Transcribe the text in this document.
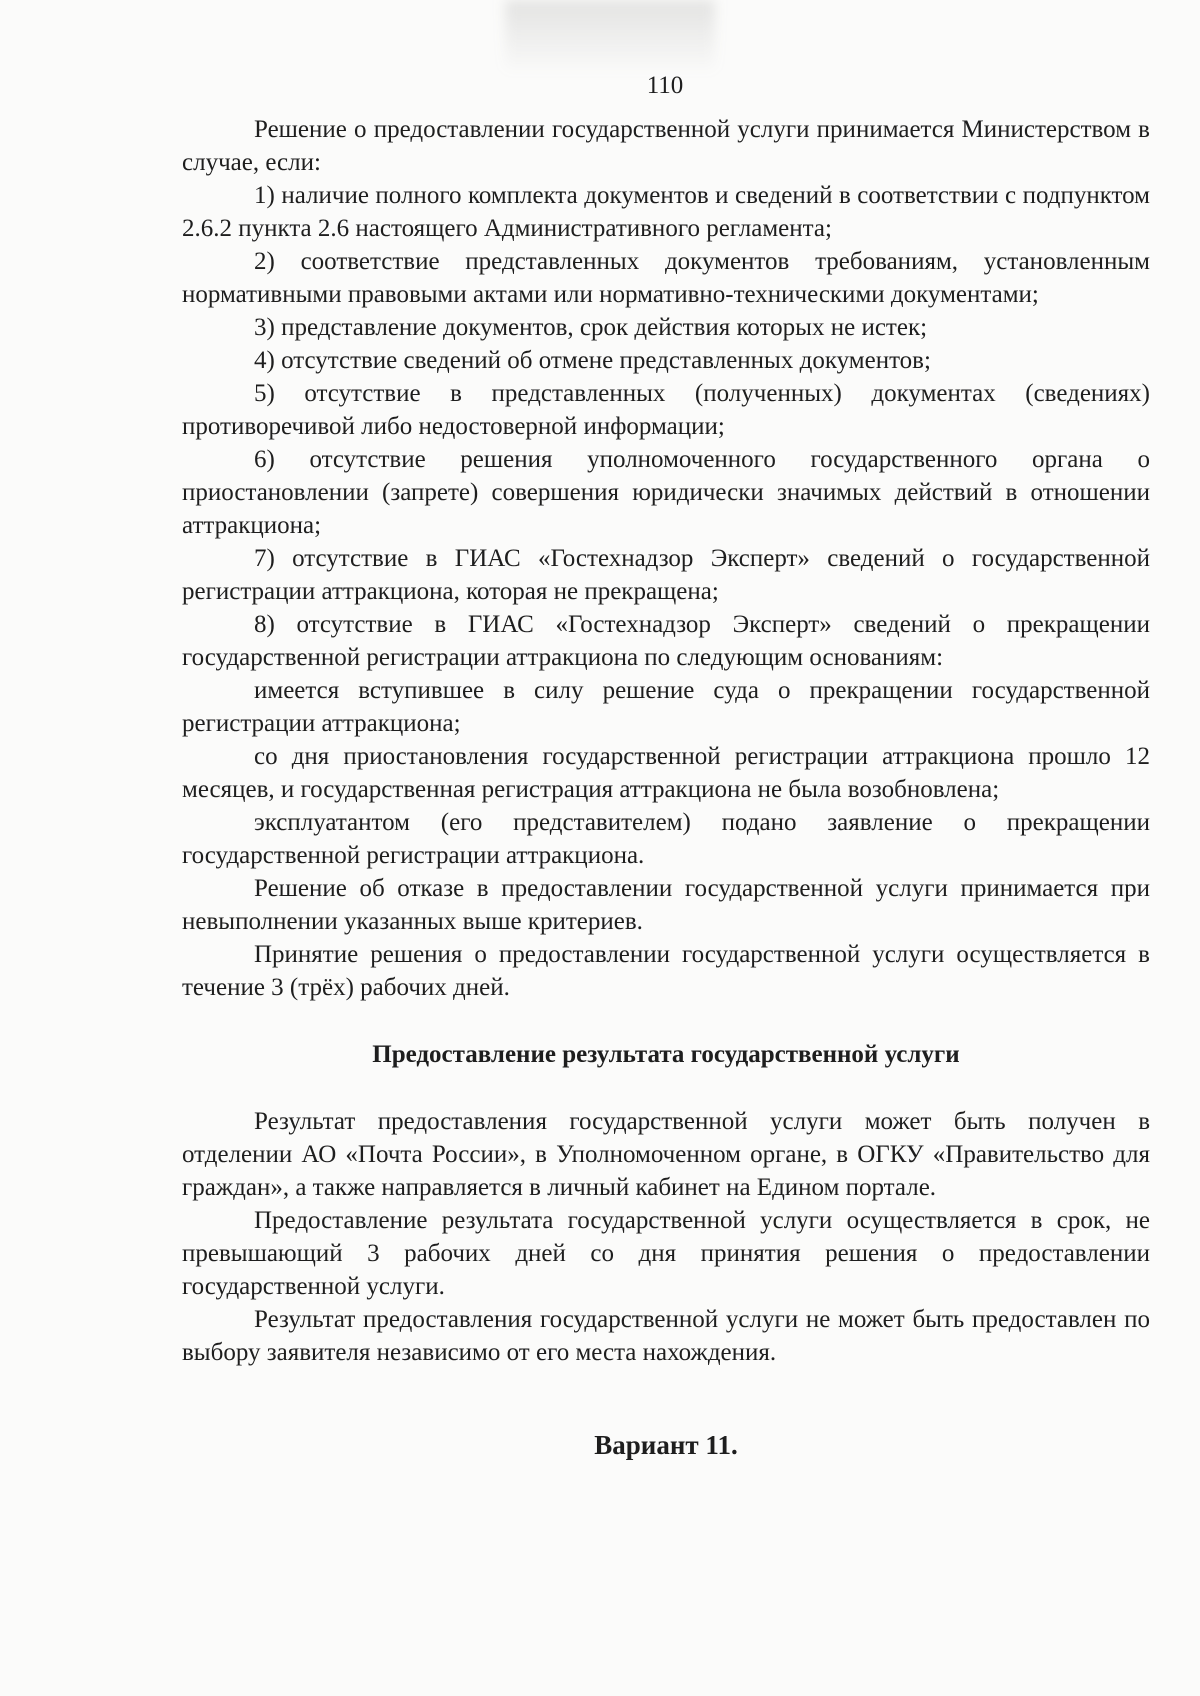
110

Решение о предоставлении государственной услуги принимается Министерством в случае, если:

1) наличие полного комплекта документов и сведений в соответствии с подпунктом 2.6.2 пункта 2.6 настоящего Административного регламента;

2) соответствие представленных документов требованиям, установленным нормативными правовыми актами или нормативно-техническими документами;

3) представление документов, срок действия которых не истек;

4) отсутствие сведений об отмене представленных документов;

5) отсутствие в представленных (полученных) документах (сведениях) противоречивой либо недостоверной информации;

6) отсутствие решения уполномоченного государственного органа о приостановлении (запрете) совершения юридически значимых действий в отношении аттракциона;

7) отсутствие в ГИАС «Гостехнадзор Эксперт» сведений о государственной регистрации аттракциона, которая не прекращена;

8) отсутствие в ГИАС «Гостехнадзор Эксперт» сведений о прекращении государственной регистрации аттракциона по следующим основаниям:

имеется вступившее в силу решение суда о прекращении государственной регистрации аттракциона;

со дня приостановления государственной регистрации аттракциона прошло 12 месяцев, и государственная регистрация аттракциона не была возобновлена;

эксплуатантом (его представителем) подано заявление о прекращении государственной регистрации аттракциона.

Решение об отказе в предоставлении государственной услуги принимается при невыполнении указанных выше критериев.

Принятие решения о предоставлении государственной услуги осуществляется в течение 3 (трёх) рабочих дней.

Предоставление результата государственной услуги

Результат предоставления государственной услуги может быть получен в отделении АО «Почта России», в Уполномоченном органе, в ОГКУ «Правительство для граждан», а также направляется в личный кабинет на Едином портале.

Предоставление результата государственной услуги осуществляется в срок, не превышающий 3 рабочих дней со дня принятия решения о предоставлении государственной услуги.

Результат предоставления государственной услуги не может быть предоставлен по выбору заявителя независимо от его места нахождения.

Вариант 11.
